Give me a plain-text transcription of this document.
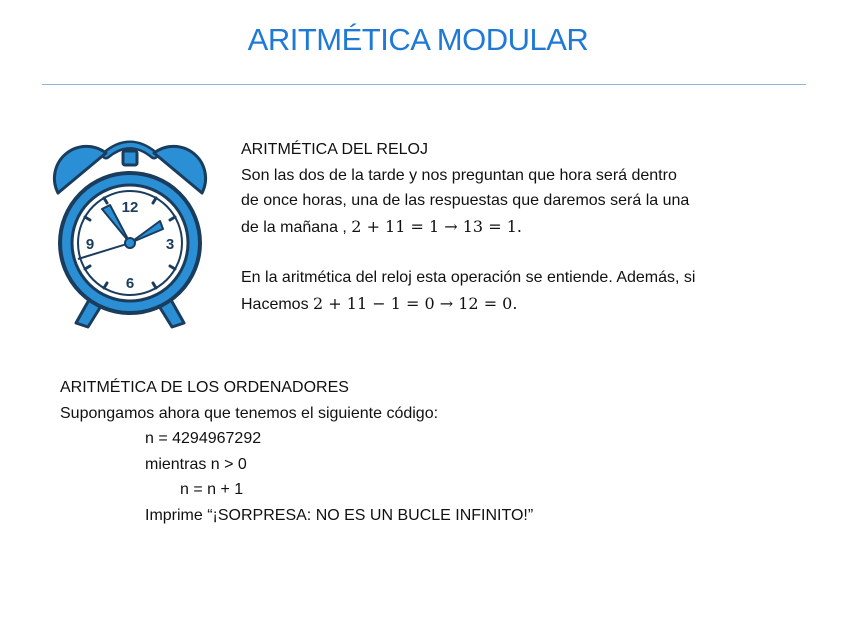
ARITMÉTICA MODULAR
12
3
6
9

ARITMÉTICA DEL RELOJ

Son las dos de la tarde y nos preguntan que hora será dentro

de once horas, una de las respuestas que daremos será la una

de la mañana , 2 + 11 = 1 → 13 = 1.

En la aritmética del reloj esta operación se entiende. Además, si

Hacemos 2 + 11 − 1 = 0 → 12 = 0.

ARITMÉTICA DE LOS ORDENADORES

Supongamos ahora que tenemos el siguiente código:

n = 4294967292

mientras n > 0

n = n + 1

Imprime “¡SORPRESA: NO ES UN BUCLE INFINITO!”
